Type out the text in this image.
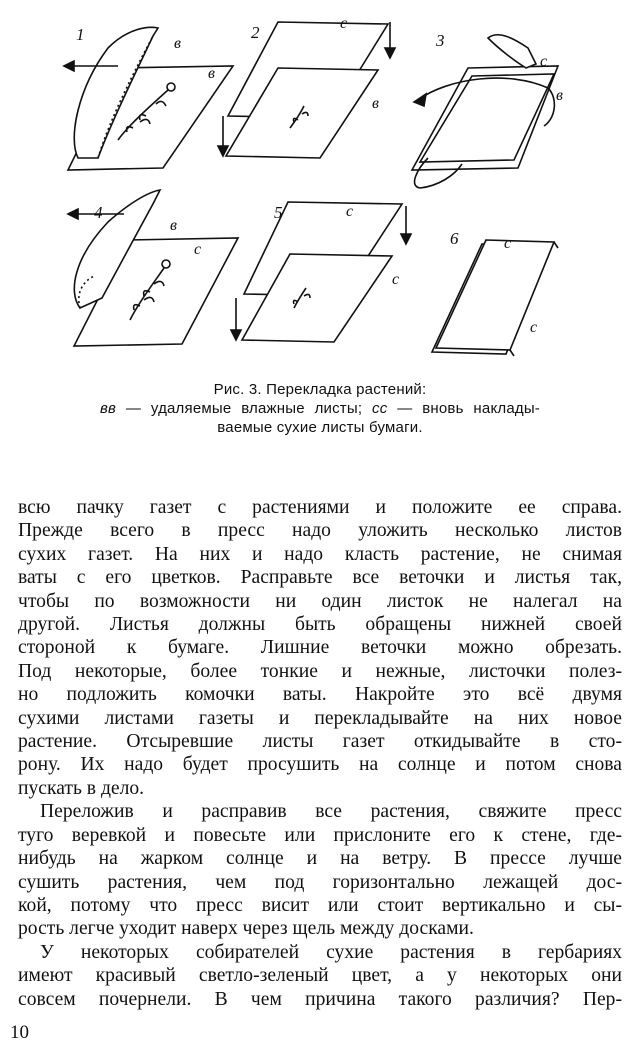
1	2	3
4	5
6
в
в
с
в
с
в
в
с
с
с
с
с
Рис. 3. Перекладка растений:
вв — удаляемые влажные листы; сс — вновь наклады-
ваемые сухие листы бумаги.

всю пачку газет с растениями и положите ее справа.
Прежде всего в пресс надо уложить несколько листов
сухих газет. На них и надо класть растение, не снимая
ваты с его цветков. Расправьте все веточки и листья так,
чтобы по возможности ни один листок не налегал на
другой. Листья должны быть обращены нижней своей
стороной к бумаге. Лишние веточки можно обрезать.
Под некоторые, более тонкие и нежные, листочки полез-
но подложить комочки ваты. Накройте это всё двумя
сухими листами газеты и перекладывайте на них новое
растение. Отсыревшие листы газет откидывайте в сто-
рону. Их надо будет просушить на солнце и потом снова
пускать в дело.

Переложив и расправив все растения, свяжите пресс
туго веревкой и повесьте или прислоните его к стене, где-
нибудь на жарком солнце и на ветру. В прессе лучше
сушить растения, чем под горизонтально лежащей дос-
кой, потому что пресс висит или стоит вертикально и сы-
рость легче уходит наверх через щель между досками.

У некоторых собирателей сухие растения в гербариях
имеют красивый светло-зеленый цвет, а у некоторых они
совсем почернели. В чем причина такого различия? Пер-

10
